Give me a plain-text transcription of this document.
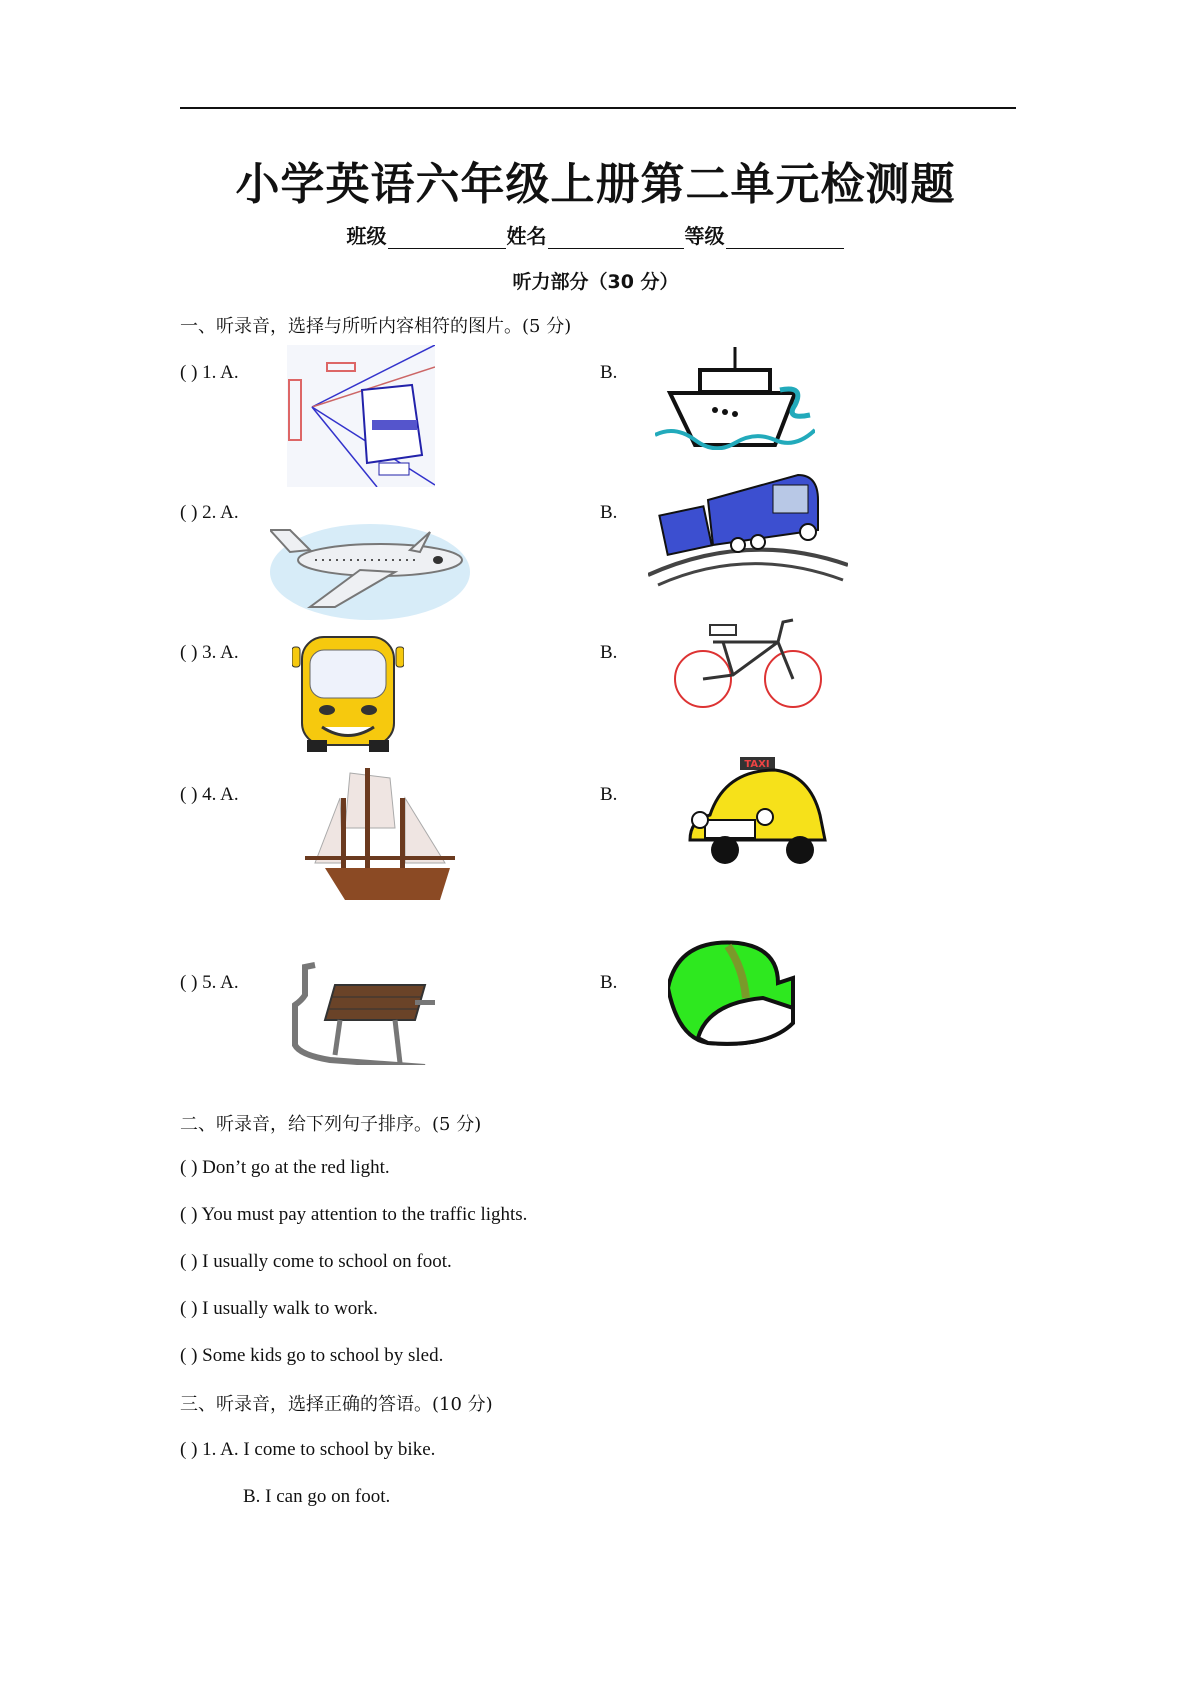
小学英语六年级上册第二单元检测题
班级	姓名	等级
听力部分（30 分）
一、听录音，选择与所听内容相符的图片。(5 分)
( ) 1. A.	B.
( ) 2. A.	B.
( ) 3. A.	B.
( ) 4. A.	B.
TAXI
( ) 5. A.	B.
二、听录音，给下列句子排序。(5 分)
( ) Don’t go at the red light.
( ) You must pay attention to the traffic lights.
( ) I usually come to school on foot.
( ) I usually walk to work.
( ) Some kids go to school by sled.
三、听录音，选择正确的答语。(10 分)
( ) 1. A. I come to school by bike.
B. I can go on foot.
